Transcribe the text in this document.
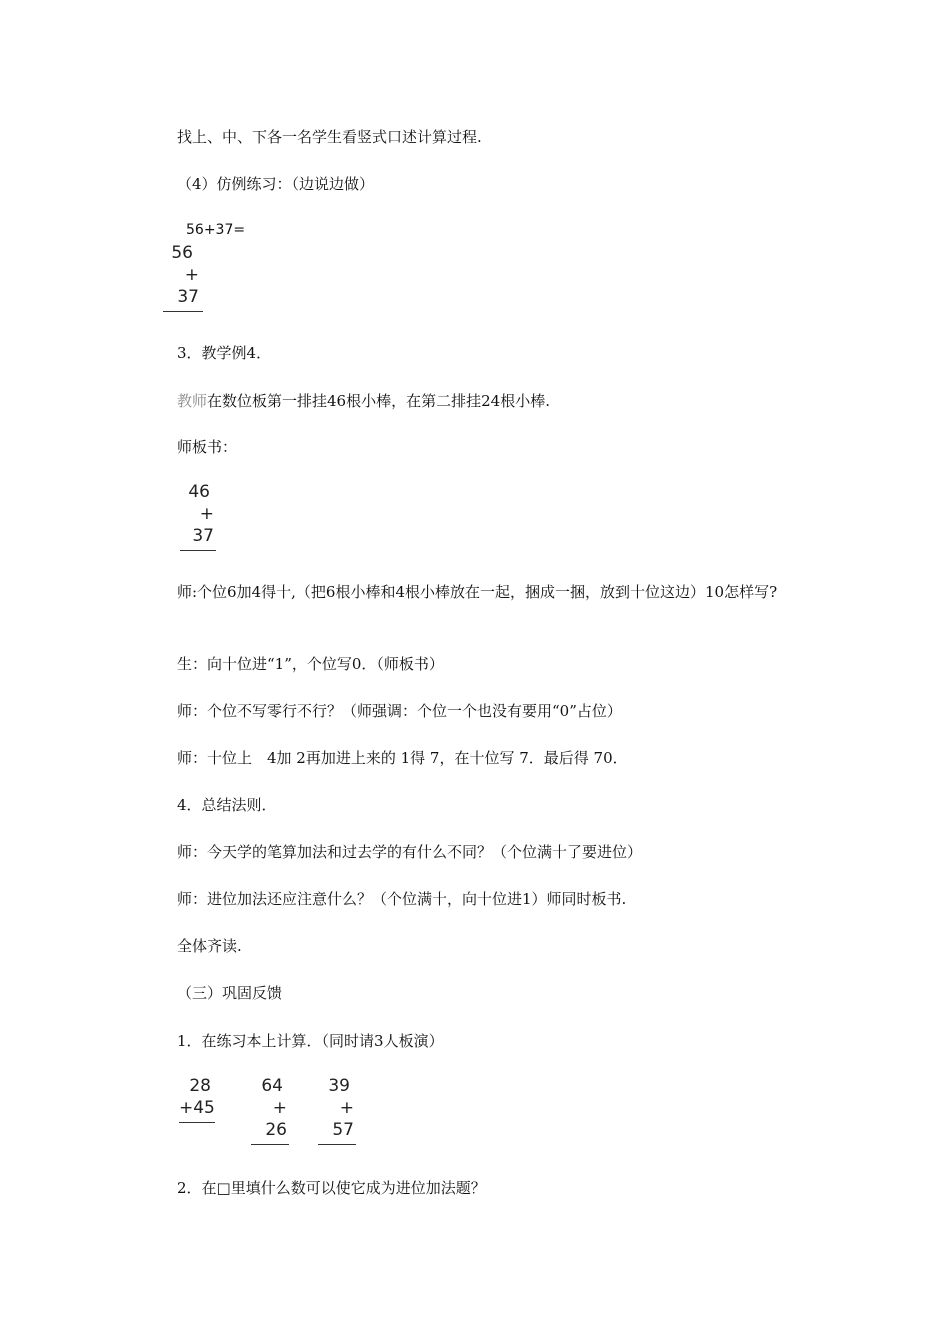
找上、中、下各一名学生看竖式口述计算过程.
（4）仿例练习：（边说边做）
56+37=
56
+ 37
3．教学例4．
教师在数位板第一排挂46根小棒，在第二排挂24根小棒.
师板书：
46
+ 37
师:个位6加4得十,（把6根小棒和4根小棒放在一起，捆成一捆，放到十位这边）10怎样写?
生：向十位进“1”，个位写0．（师板书）
师：个位不写零行不行？（师强调：个位一个也没有要用“0”占位）
师：十位上　4加 2再加进上来的 1得 7，在十位写 7．最后得 70．
4．总结法则．
师：今天学的笔算加法和过去学的有什么不同？（个位满十了要进位）
师：进位加法还应注意什么？（个位满十，向十位进1）师同时板书.
全体齐读.
（三）巩固反馈
1．在练习本上计算．（同时请3人板演）
28
+45
64
+ 26
39
+ 57
2．在□里填什么数可以使它成为进位加法题？
